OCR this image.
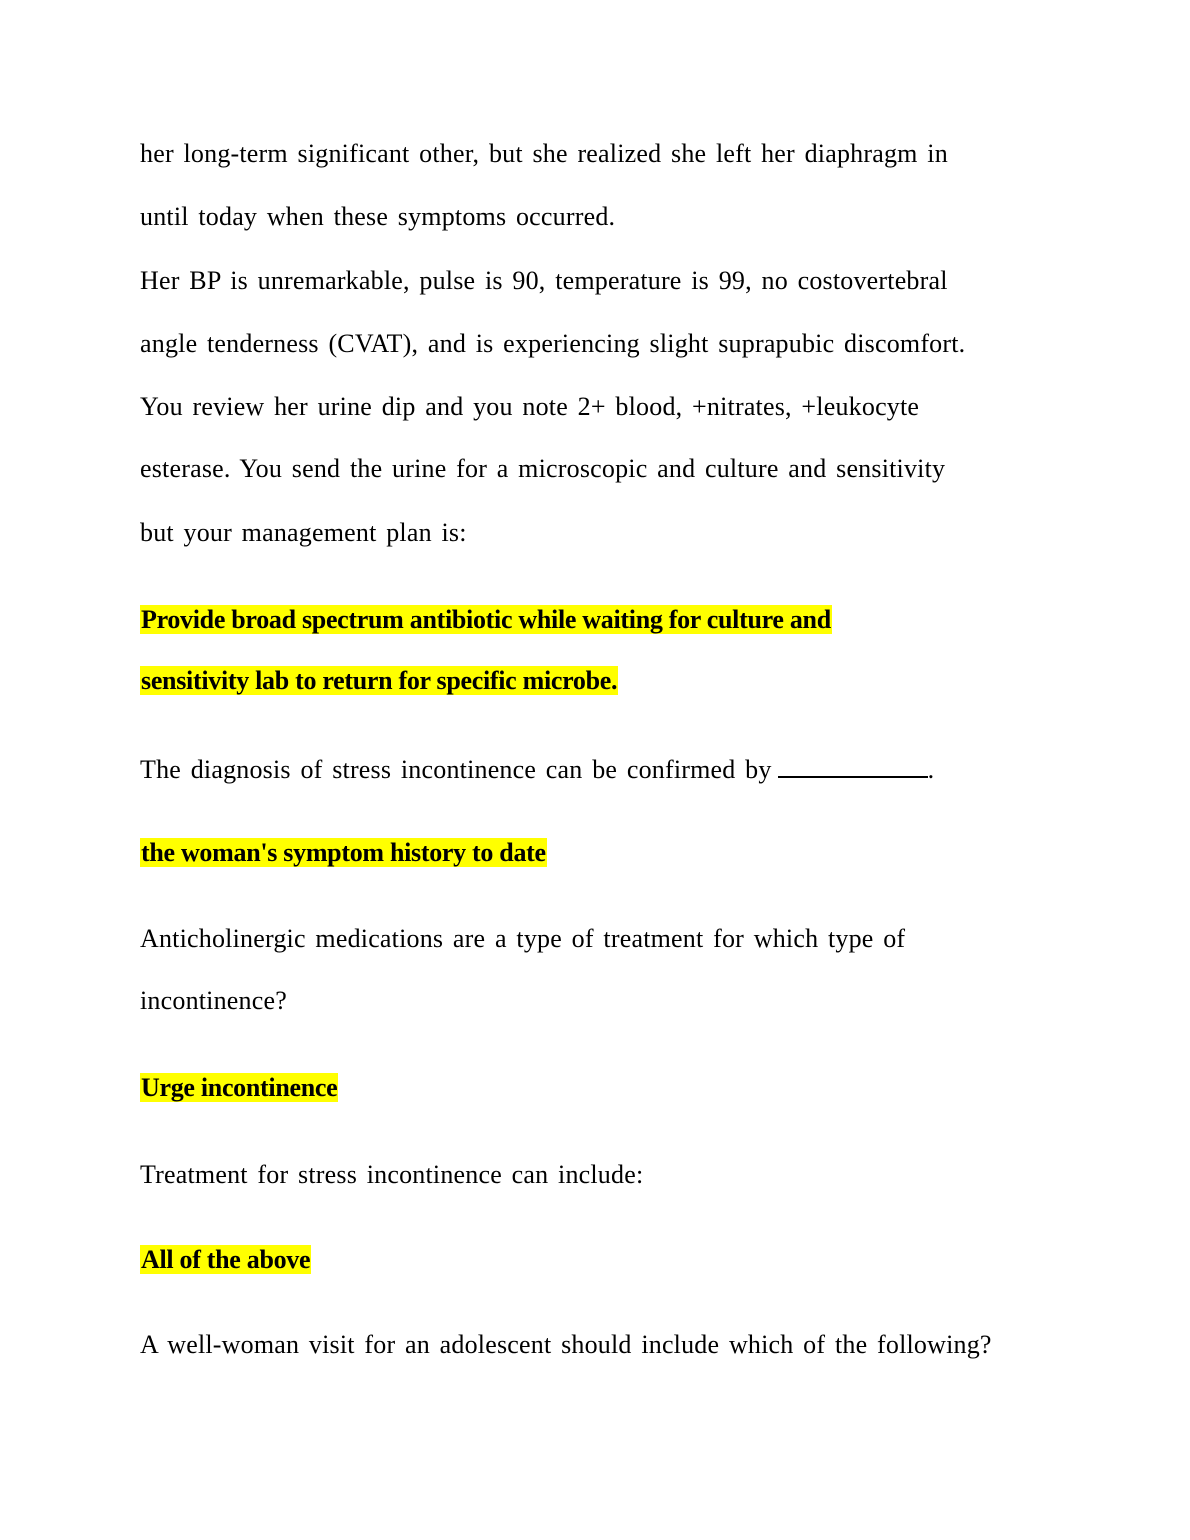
her long-term significant other, but she realized she left her diaphragm in
until today when these symptoms occurred.
Her BP is unremarkable, pulse is 90, temperature is 99, no costovertebral
angle tenderness (CVAT), and is experiencing slight suprapubic discomfort.
You review her urine dip and you note 2+ blood, +nitrates, +leukocyte
esterase. You send the urine for a microscopic and culture and sensitivity
but your management plan is:
Provide broad spectrum antibiotic while waiting for culture and
sensitivity lab to return for specific microbe.
The diagnosis of stress incontinence can be confirmed by	.
the woman's symptom history to date
Anticholinergic medications are a type of treatment for which type of
incontinence?
Urge incontinence
Treatment for stress incontinence can include:
All of the above
A well-woman visit for an adolescent should include which of the following?
